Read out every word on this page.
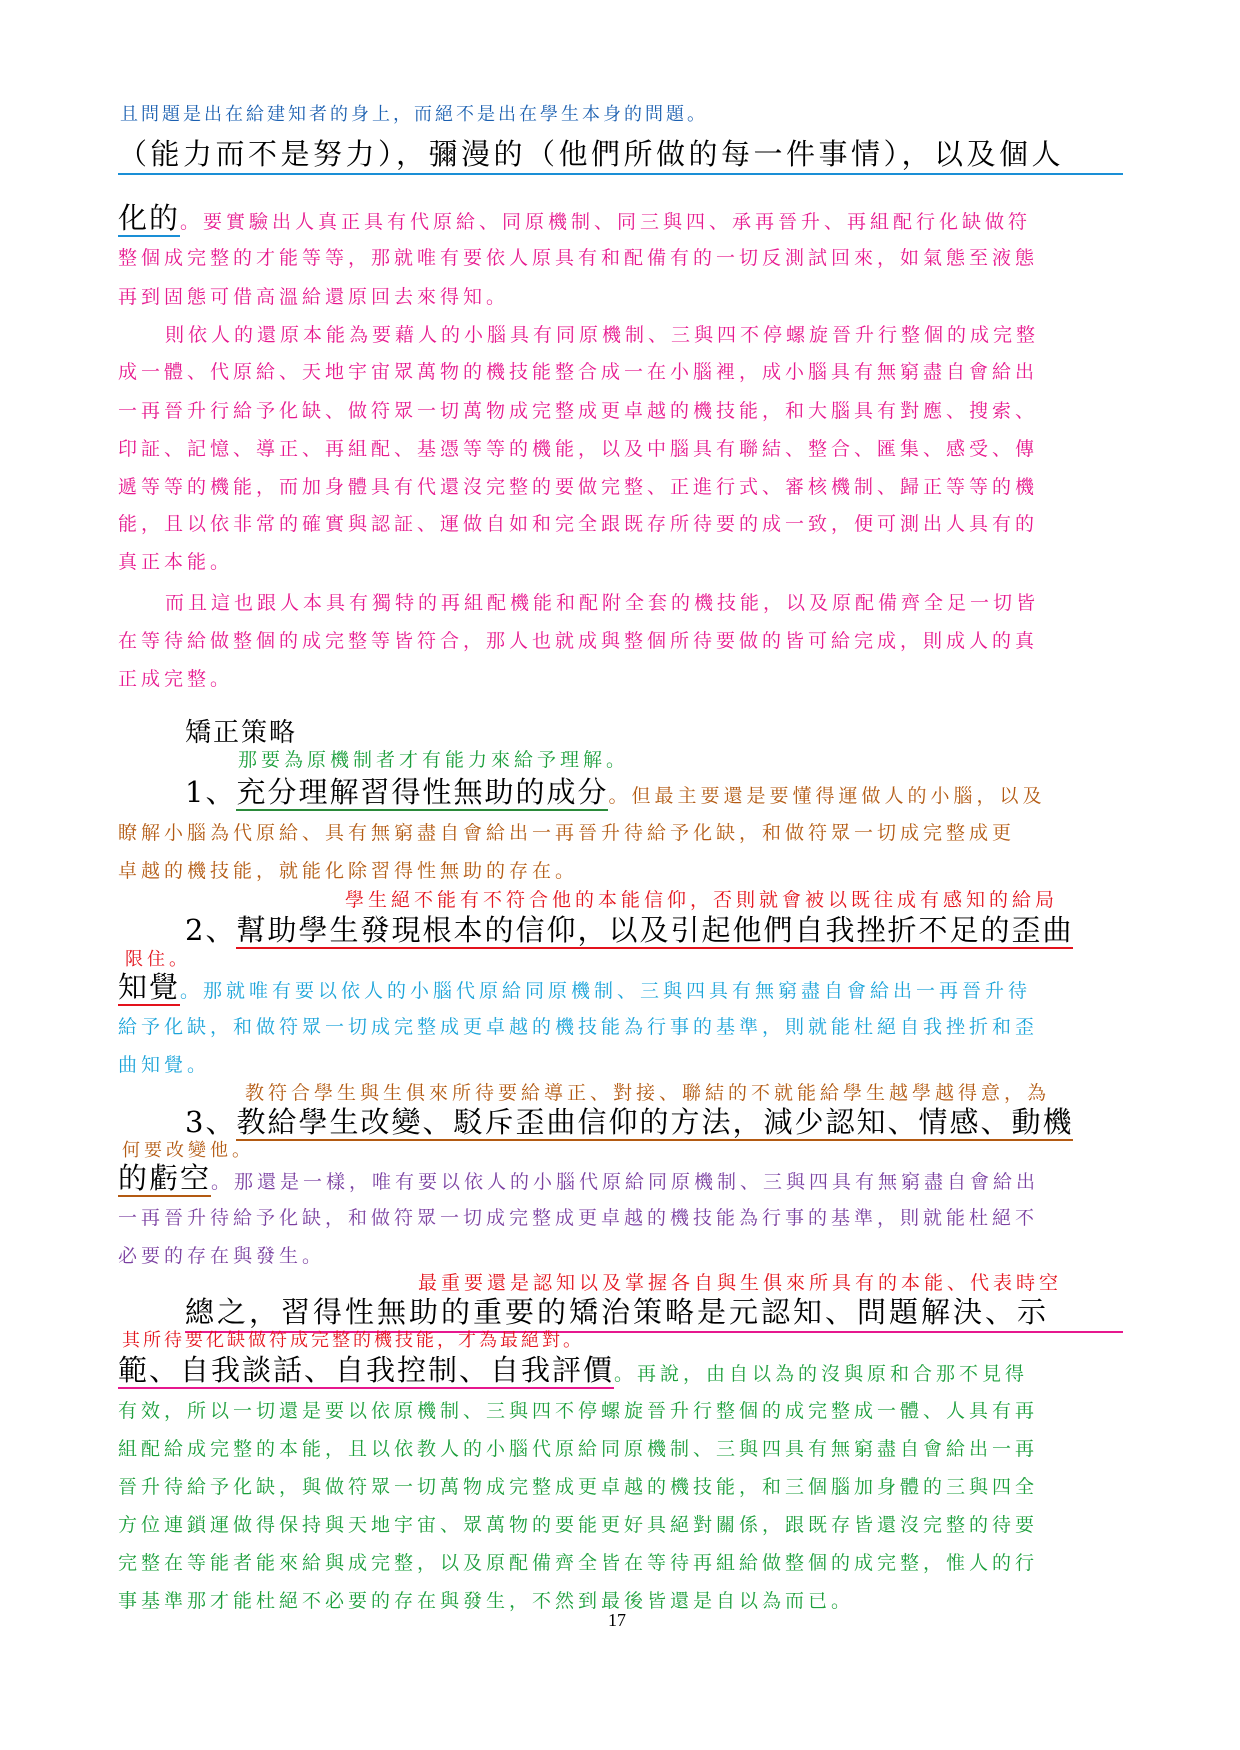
且問題是出在給建知者的身上，而絕不是出在學生本身的問題。
（能力而不是努力），彌漫的（他們所做的每一件事情），以及個人
化的。要實驗出人真正具有代原給、同原機制、同三與四、承再晉升、再組配行化缺做符
整個成完整的才能等等，那就唯有要依人原具有和配備有的一切反測試回來，如氣態至液態
再到固態可借高溫給還原回去來得知。
則依人的還原本能為要藉人的小腦具有同原機制、三與四不停螺旋晉升行整個的成完整
成一體、代原給、天地宇宙眾萬物的機技能整合成一在小腦裡，成小腦具有無窮盡自會給出
一再晉升行給予化缺、做符眾一切萬物成完整成更卓越的機技能，和大腦具有對應、搜索、
印証、記憶、導正、再組配、基憑等等的機能，以及中腦具有聯結、整合、匯集、感受、傳
遞等等的機能，而加身體具有代還沒完整的要做完整、正進行式、審核機制、歸正等等的機
能，且以依非常的確實與認証、運做自如和完全跟既存所待要的成一致，便可測出人具有的
真正本能。
而且這也跟人本具有獨特的再組配機能和配附全套的機技能，以及原配備齊全足一切皆
在等待給做整個的成完整等皆符合，那人也就成與整個所待要做的皆可給完成，則成人的真
正成完整。
矯正策略
那要為原機制者才有能力來給予理解。
1、充分理解習得性無助的成分。但最主要還是要懂得運做人的小腦，以及
瞭解小腦為代原給、具有無窮盡自會給出一再晉升待給予化缺，和做符眾一切成完整成更
卓越的機技能，就能化除習得性無助的存在。
學生絕不能有不符合他的本能信仰，否則就會被以既往成有感知的給局
2、幫助學生發現根本的信仰，以及引起他們自我挫折不足的歪曲
限住。
知覺。那就唯有要以依人的小腦代原給同原機制、三與四具有無窮盡自會給出一再晉升待
給予化缺，和做符眾一切成完整成更卓越的機技能為行事的基準，則就能杜絕自我挫折和歪
曲知覺。
教符合學生與生俱來所待要給導正、對接、聯結的不就能給學生越學越得意，為
3、教給學生改變、駁斥歪曲信仰的方法，減少認知、情感、動機
何要改變他。
的虧空。那還是一樣，唯有要以依人的小腦代原給同原機制、三與四具有無窮盡自會給出
一再晉升待給予化缺，和做符眾一切成完整成更卓越的機技能為行事的基準，則就能杜絕不
必要的存在與發生。
最重要還是認知以及掌握各自與生俱來所具有的本能、代表時空
總之，習得性無助的重要的矯治策略是元認知、問題解決、示
其所待要化缺做符成完整的機技能，才為最絕對。
範、自我談話、自我控制、自我評價。再說，由自以為的沒與原和合那不見得
有效，所以一切還是要以依原機制、三與四不停螺旋晉升行整個的成完整成一體、人具有再
組配給成完整的本能，且以依教人的小腦代原給同原機制、三與四具有無窮盡自會給出一再
晉升待給予化缺，與做符眾一切萬物成完整成更卓越的機技能，和三個腦加身體的三與四全
方位連鎖運做得保持與天地宇宙、眾萬物的要能更好具絕對關係，跟既存皆還沒完整的待要
完整在等能者能來給與成完整，以及原配備齊全皆在等待再組給做整個的成完整，惟人的行
事基準那才能杜絕不必要的存在與發生，不然到最後皆還是自以為而已。
17
